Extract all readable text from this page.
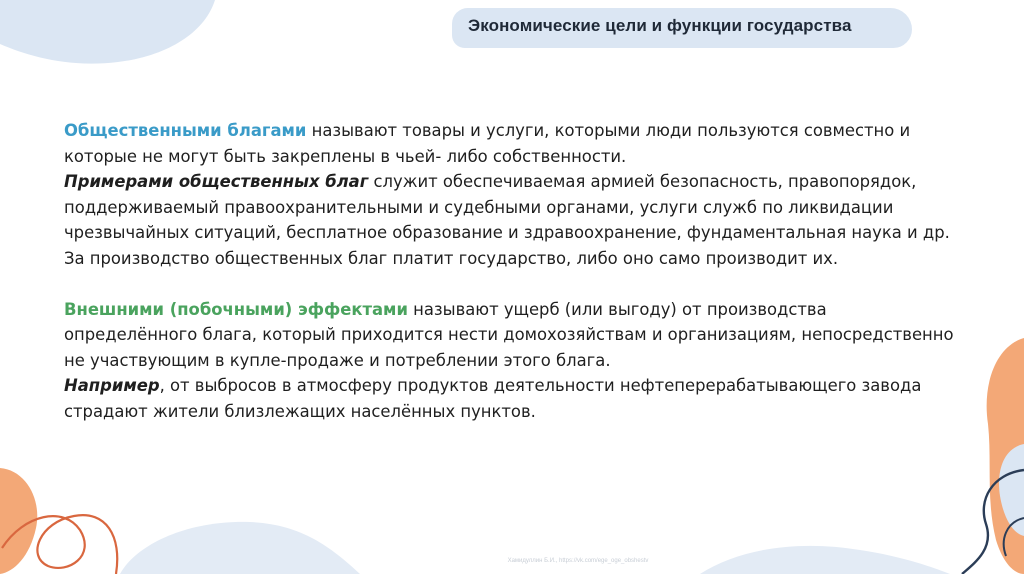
Экономические цели и функции государства

Общественными благами называют товары и услуги, которыми люди пользуются совместно и которые не могут быть закреплены в чьей- либо собственности.

Примерами общественных благ служит обеспечиваемая армией безопасность, правопорядок, поддерживаемый правоохранительными и судебными органами, услуги служб по ликвидации чрезвычайных ситуаций, бесплатное образование и здравоохранение, фундаментальная наука и др.

За производство общественных благ платит государство, либо оно само производит их.

Внешними (побочными) эффектами называют ущерб (или выгоду) от производства определённого блага, который приходится нести домохозяйствам и организациям, непосредственно не участвующим в купле-продаже и потреблении этого блага.

Например, от выбросов в атмосферу продуктов деятельности нефтеперерабатывающего завода страдают жители близлежащих населённых пунктов.

Хамидуллин Б.И., https://vk.com/ege_oge_obshestv
